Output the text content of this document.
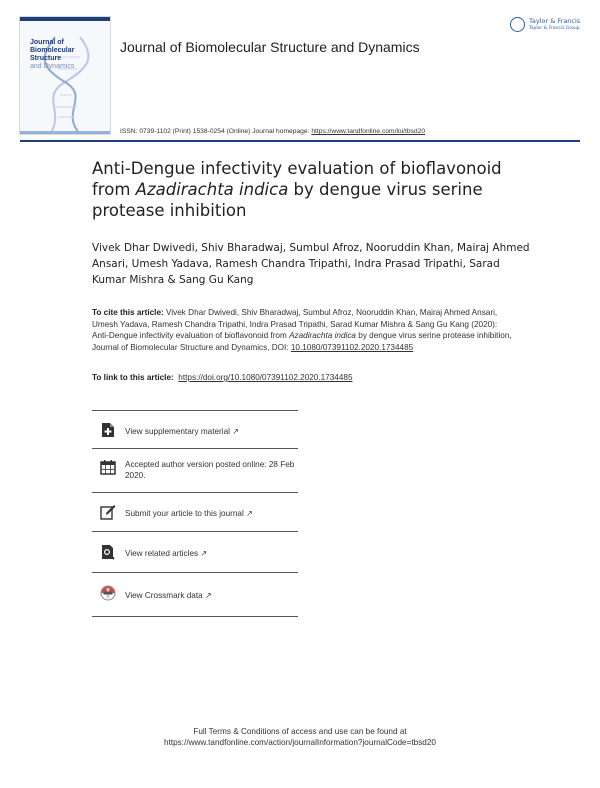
Journal of Biomolecular
Structure
and Dynamics
Journal of Biomolecular Structure and Dynamics
Taylor & Francis
Taylor & Francis Group
ISSN: 0739-1102 (Print) 1538-0254 (Online) Journal homepage: https://www.tandfonline.com/loi/tbsd20
Anti-Dengue infectivity evaluation of bioflavonoid
from Azadirachta indica by dengue virus serine protease inhibition
Vivek Dhar Dwivedi, Shiv Bharadwaj, Sumbul Afroz, Nooruddin Khan, Mairaj Ahmed Ansari, Umesh Yadava, Ramesh Chandra Tripathi, Indra Prasad Tripathi, Sarad Kumar Mishra & Sang Gu Kang
To cite this article: Vivek Dhar Dwivedi, Shiv Bharadwaj, Sumbul Afroz, Nooruddin Khan, Mairaj Ahmed Ansari, Umesh Yadava, Ramesh Chandra Tripathi, Indra Prasad Tripathi, Sarad Kumar Mishra & Sang Gu Kang (2020): Anti-Dengue infectivity evaluation of bioflavonoid from Azadirachta indica by dengue virus serine protease inhibition, Journal of Biomolecular Structure and Dynamics, DOI: 10.1080/07391102.2020.1734485
To link to this article: https://doi.org/10.1080/07391102.2020.1734485
View supplementary material ↗
Accepted author version posted online: 28 Feb 2020.
Submit your article to this journal ↗
View related articles ↗
View Crossmark data ↗
Full Terms & Conditions of access and use can be found at
https://www.tandfonline.com/action/journalInformation?journalCode=tbsd20
